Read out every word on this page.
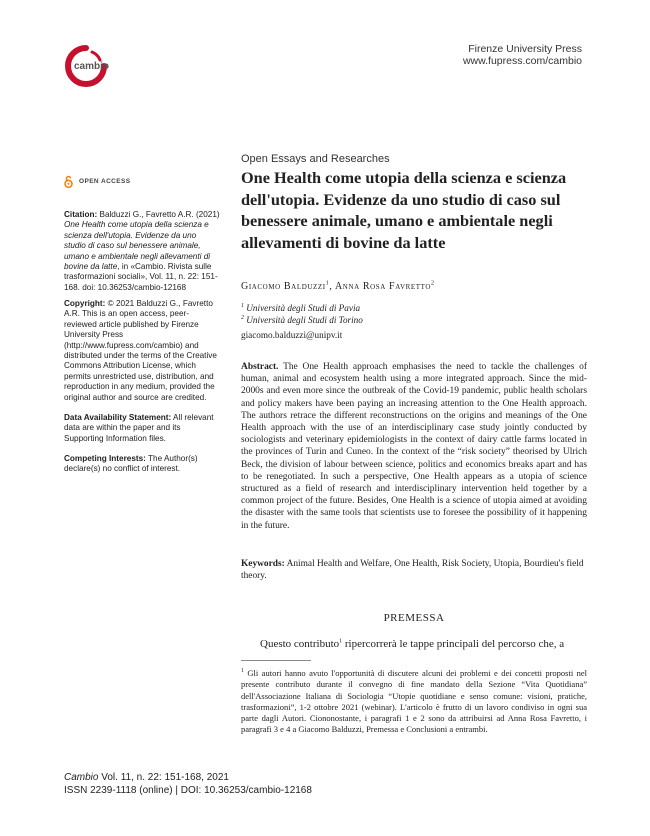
cambio
Firenze University Press
www.fupress.com/cambio
OPEN ACCESS
Citation: Balduzzi G., Favretto A.R. (2021) One Health come utopia della scienza e scienza dell'utopia. Evidenze da uno studio di caso sul benessere animale, umano e ambientale negli allevamenti di bovine da latte, in «Cambio. Rivista sulle trasformazioni sociali», Vol. 11, n. 22: 151-168. doi: 10.36253/cambio-12168
Copyright: © 2021 Balduzzi G., Favretto A.R. This is an open access, peer-reviewed article published by Firenze University Press (http://www.fupress.com/cambio) and distributed under the terms of the Creative Commons Attribution License, which permits unrestricted use, distribution, and reproduction in any medium, provided the original author and source are credited.
Data Availability Statement: All relevant data are within the paper and its Supporting Information files.
Competing Interests: The Author(s) declare(s) no conflict of interest.
Open Essays and Researches
One Health come utopia della scienza e scienza dell'utopia. Evidenze da uno studio di caso sul benessere animale, umano e ambientale negli allevamenti di bovine da latte
Giacomo Balduzzi$^1$, Anna Rosa Favretto$^2$
$^1$ Università degli Studi di Pavia
$^2$ Università degli Studi di Torino
giacomo.balduzzi@unipv.it
Abstract. The One Health approach emphasises the need to tackle the challenges of human, animal and ecosystem health using a more integrated approach. Since the mid-2000s and even more since the outbreak of the Covid-19 pandemic, public health scholars and policy makers have been paying an increasing attention to the One Health approach. The authors retrace the different reconstructions on the origins and meanings of the One Health approach with the use of an interdisciplinary case study jointly conducted by sociologists and veterinary epidemiologists in the context of dairy cattle farms located in the provinces of Turin and Cuneo. In the context of the “risk society” theorised by Ulrich Beck, the division of labour between science, politics and economics breaks apart and has to be renegotiated. In such a perspective, One Health appears as a utopia of science structured as a field of research and interdisciplinary intervention held together by a common project of the future. Besides, One Health is a science of utopia aimed at avoiding the disaster with the same tools that scientists use to foresee the possibility of it happening in the future.
Keywords: Animal Health and Welfare, One Health, Risk Society, Utopia, Bourdieu's field theory.
PREMESSA
Questo contributo$^1$ ripercorrerà le tappe principali del percorso che, a
$^1$ Gli autori hanno avuto l'opportunità di discutere alcuni dei problemi e dei concetti proposti nel presente contributo durante il convegno di fine mandato della Sezione “Vita Quotidiana” dell'Associazione Italiana di Sociologia “Utopie quotidiane e senso comune: visioni, pratiche, trasformazioni”, 1-2 ottobre 2021 (webinar). L'articolo è frutto di un lavoro condiviso in ogni sua parte dagli Autori. Ciononostante, i paragrafi 1 e 2 sono da attribuirsi ad Anna Rosa Favretto, i paragrafi 3 e 4 a Giacomo Balduzzi, Premessa e Conclusioni a entrambi.
Cambio Vol. 11, n. 22: 151-168, 2021
ISSN 2239-1118 (online) | DOI: 10.36253/cambio-12168
